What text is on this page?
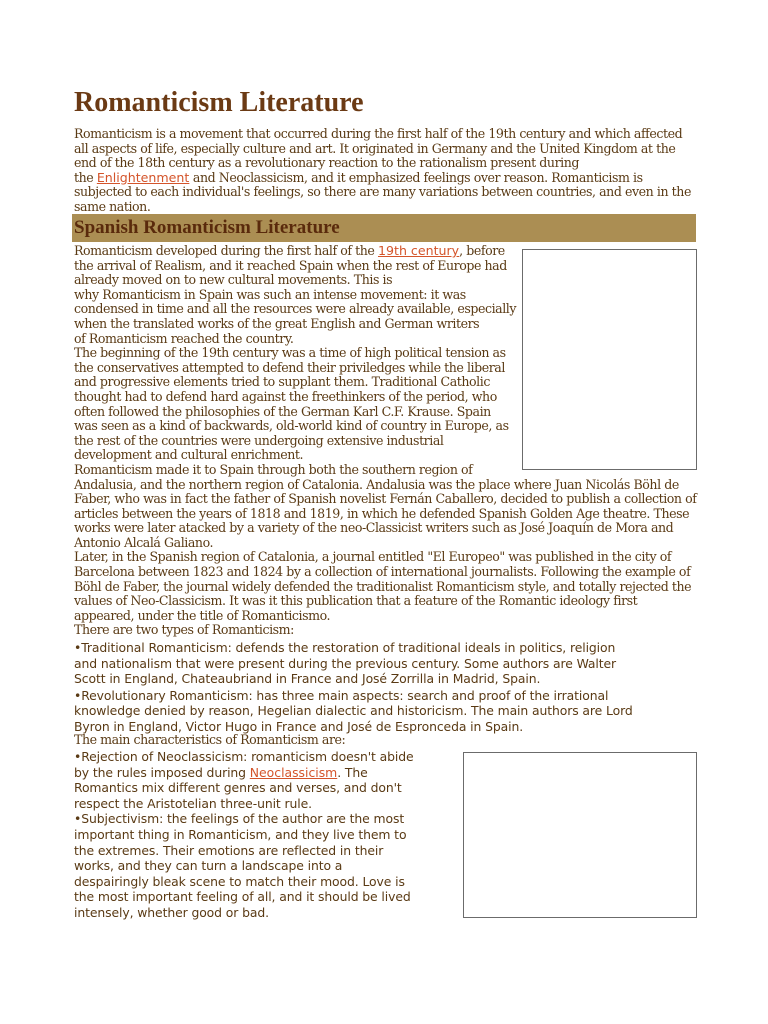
Romanticism Literature
Romanticism is a movement that occurred during the first half of the 19th century and which affected
all aspects of life, especially culture and art. It originated in Germany and the United Kingdom at the
end of the 18th century as a revolutionary reaction to the rationalism present during
the Enlightenment and Neoclassicism, and it emphasized feelings over reason. Romanticism is
subjected to each individual's feelings, so there are many variations between countries, and even in the
same nation.
Spanish Romanticism Literature
Romanticism developed during the first half of the 19th century, before
the arrival of Realism, and it reached Spain when the rest of Europe had
already moved on to new cultural movements. This is
why Romanticism in Spain was such an intense movement: it was
condensed in time and all the resources were already available, especially
when the translated works of the great English and German writers
of Romanticism reached the country.
The beginning of the 19th century was a time of high political tension as
the conservatives attempted to defend their priviledges while the liberal
and progressive elements tried to supplant them. Traditional Catholic
thought had to defend hard against the freethinkers of the period, who
often followed the philosophies of the German Karl C.F. Krause. Spain
was seen as a kind of backwards, old-world kind of country in Europe, as
the rest of the countries were undergoing extensive industrial
development and cultural enrichment.
Romanticism made it to Spain through both the southern region of
Andalusia, and the northern region of Catalonia. Andalusia was the place where Juan Nicolás Böhl de
Faber, who was in fact the father of Spanish novelist Fernán Caballero, decided to publish a collection of
articles between the years of 1818 and 1819, in which he defended Spanish Golden Age theatre. These
works were later atacked by a variety of the neo-Classicist writers such as José Joaquín de Mora and
Antonio Alcalá Galiano.
Later, in the Spanish region of Catalonia, a journal entitled "El Europeo" was published in the city of
Barcelona between 1823 and 1824 by a collection of international journalists. Following the example of
Böhl de Faber, the journal widely defended the traditionalist Romanticism style, and totally rejected the
values of Neo-Classicism. It was it this publication that a feature of the Romantic ideology first
appeared, under the title of Romanticismo.
There are two types of Romanticism:
•Traditional Romanticism: defends the restoration of traditional ideals in politics, religion
and nationalism that were present during the previous century. Some authors are Walter
Scott in England, Chateaubriand in France and José Zorrilla in Madrid, Spain.
•Revolutionary Romanticism: has three main aspects: search and proof of the irrational
knowledge denied by reason, Hegelian dialectic and historicism. The main authors are Lord
Byron in England, Victor Hugo in France and José de Espronceda in Spain.
The main characteristics of Romanticism are:
•Rejection of Neoclassicism: romanticism doesn't abide
by the rules imposed during Neoclassicism. The
Romantics mix different genres and verses, and don't
respect the Aristotelian three-unit rule.
•Subjectivism: the feelings of the author are the most
important thing in Romanticism, and they live them to
the extremes. Their emotions are reflected in their
works, and they can turn a landscape into a
despairingly bleak scene to match their mood. Love is
the most important feeling of all, and it should be lived
intensely, whether good or bad.
